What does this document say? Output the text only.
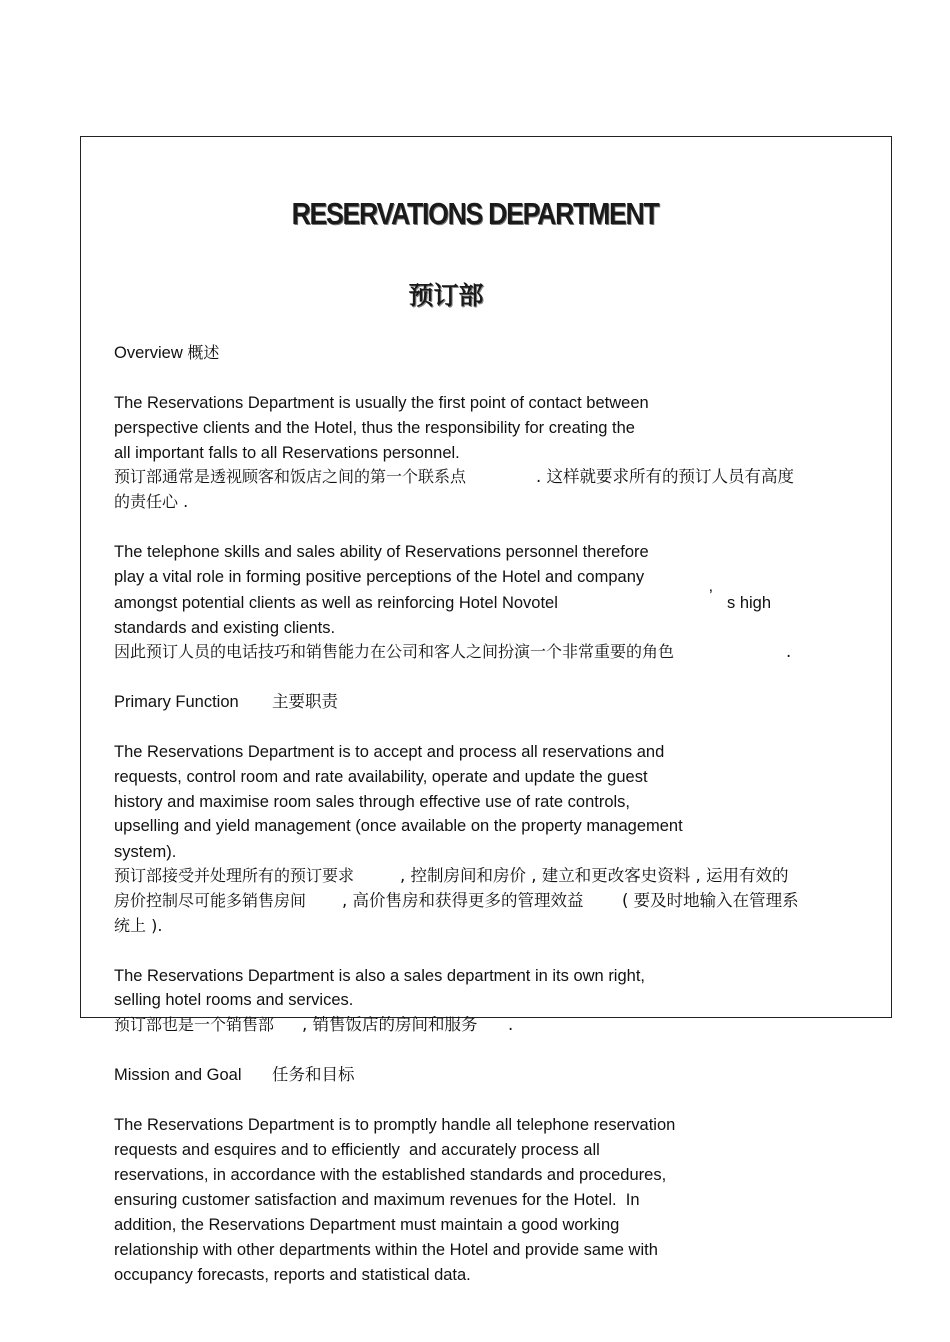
RESERVATIONS DEPARTMENT
预订部
Overview 概述
The Reservations Department is usually the first point of contact between
perspective clients and the Hotel, thus the responsibility for creating the
all important falls to all Reservations personnel.
预订部通常是透视顾客和饭店之间的第一个联系点	. 这样就要求所有的预订人员有高度
的责任心 .
The telephone skills and sales ability of Reservations personnel therefore
play a vital role in forming positive perceptions of the Hotel and company
amongst potential clients as well as reinforcing Hotel Novotel	’ s high
standards and existing clients.
因此预订人员的电话技巧和销售能力在公司和客人之间扮演一个非常重要的角色	.
Primary Function 主要职责
The Reservations Department is to accept and process all reservations and
requests, control room and rate availability, operate and update the guest
history and maximise room sales through effective use of rate controls,
upselling and yield management (once available on the property management
system).
预订部接受并处理所有的预订要求	, 控制房间和房价 , 建立和更改客史资料 , 运用有效的
房价控制尽可能多销售房间 , 高价售房和获得更多的管理效益 ( 要及时地输入在管理系
统上 ).
The Reservations Department is also a sales department in its own right,
selling hotel rooms and services.
预订部也是一个销售部 , 销售饭店的房间和服务 .
Mission and Goal 任务和目标
The Reservations Department is to promptly handle all telephone reservation
requests and esquires and to efficiently  and accurately process all
reservations, in accordance with the established standards and procedures,
ensuring customer satisfaction and maximum revenues for the Hotel.  In
addition, the Reservations Department must maintain a good working
relationship with other departments within the Hotel and provide same with
occupancy forecasts, reports and statistical data.
